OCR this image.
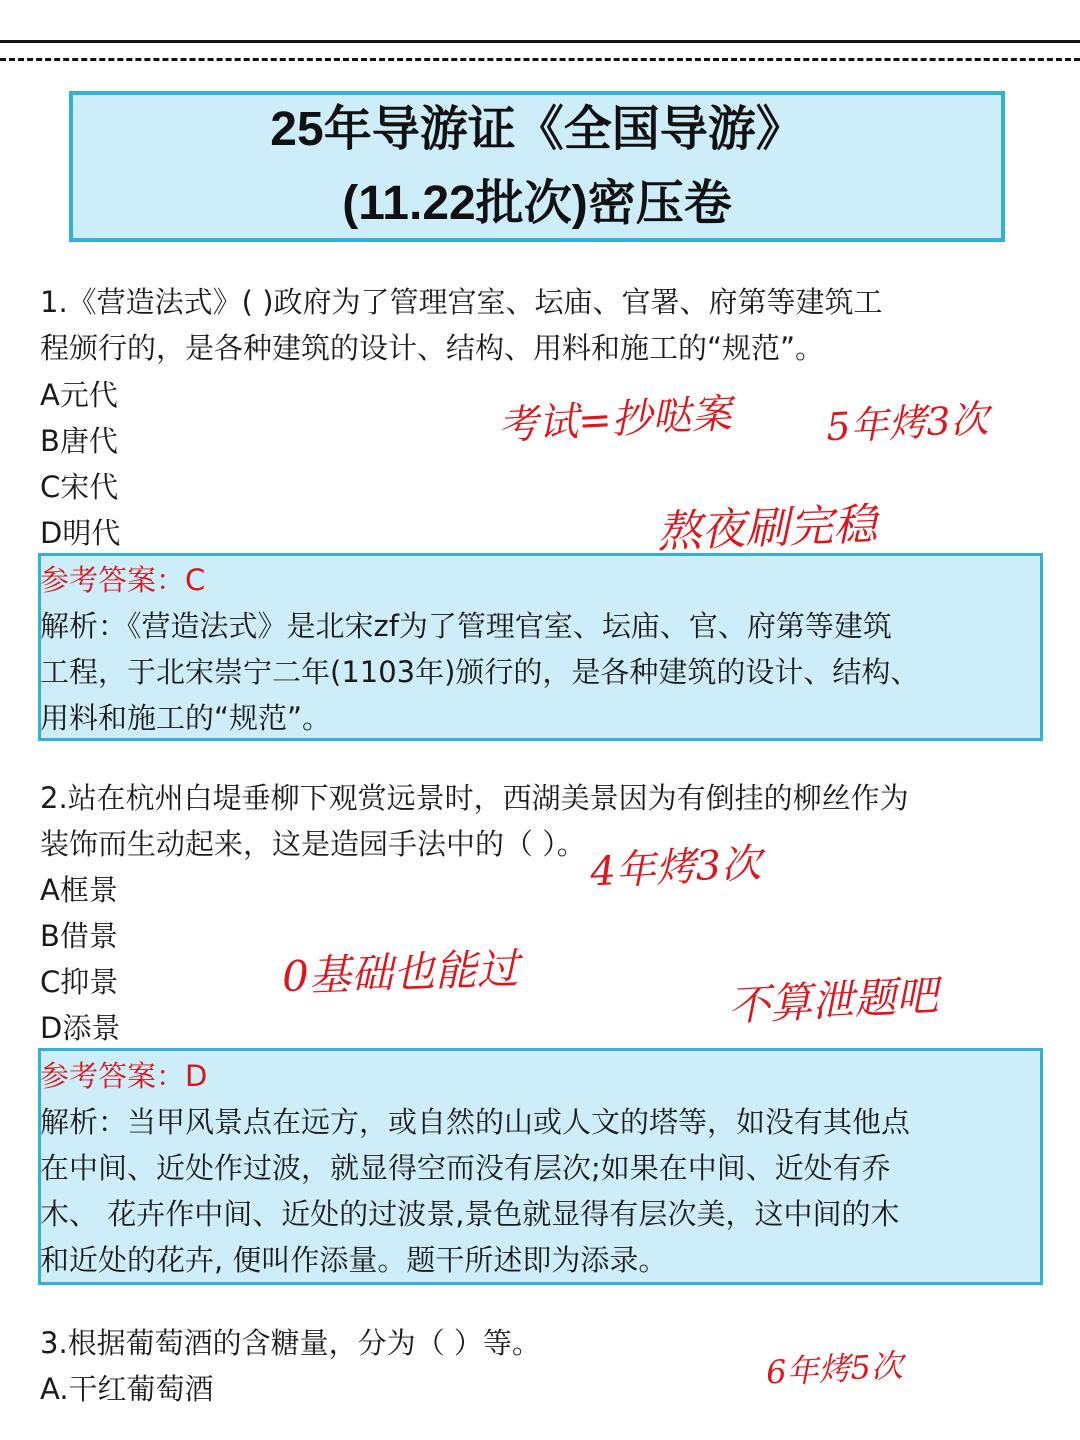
25年导游证《全国导游》
(11.22批次)密压卷
1.《营造法式》( )政府为了管理宫室、坛庙、官署、府第等建筑工
程颁行的，是各种建筑的设计、结构、用料和施工的“规范”。
A元代
B唐代
C宋代
D明代
参考答案：C
解析：《营造法式》是北宋zf为了管理官室、坛庙、官、府第等建筑
工程，于北宋崇宁二年(1103年)颁行的，是各种建筑的设计、结构、
用料和施工的“规范”。
2.站在杭州白堤垂柳下观赏远景时，西湖美景因为有倒挂的柳丝作为
装饰而生动起来，这是造园手法中的（ ）。
A框景
B借景
C抑景
D添景
参考答案：D
解析：当甲风景点在远方，或自然的山或人文的塔等，如没有其他点
在中间、近处作过波，就显得空而没有层次;如果在中间、近处有乔
木、 花卉作中间、近处的过波景,景色就显得有层次美，这中间的木
和近处的花卉, 便叫作添量。题干所述即为添录。
3.根据葡萄酒的含糖量，分为（ ）等。
A.干红葡萄酒
考试=抄哒案 5年烤3次
熬夜刷完稳
4年烤3次
0基础也能过	不算泄题吧
6年烤5次
